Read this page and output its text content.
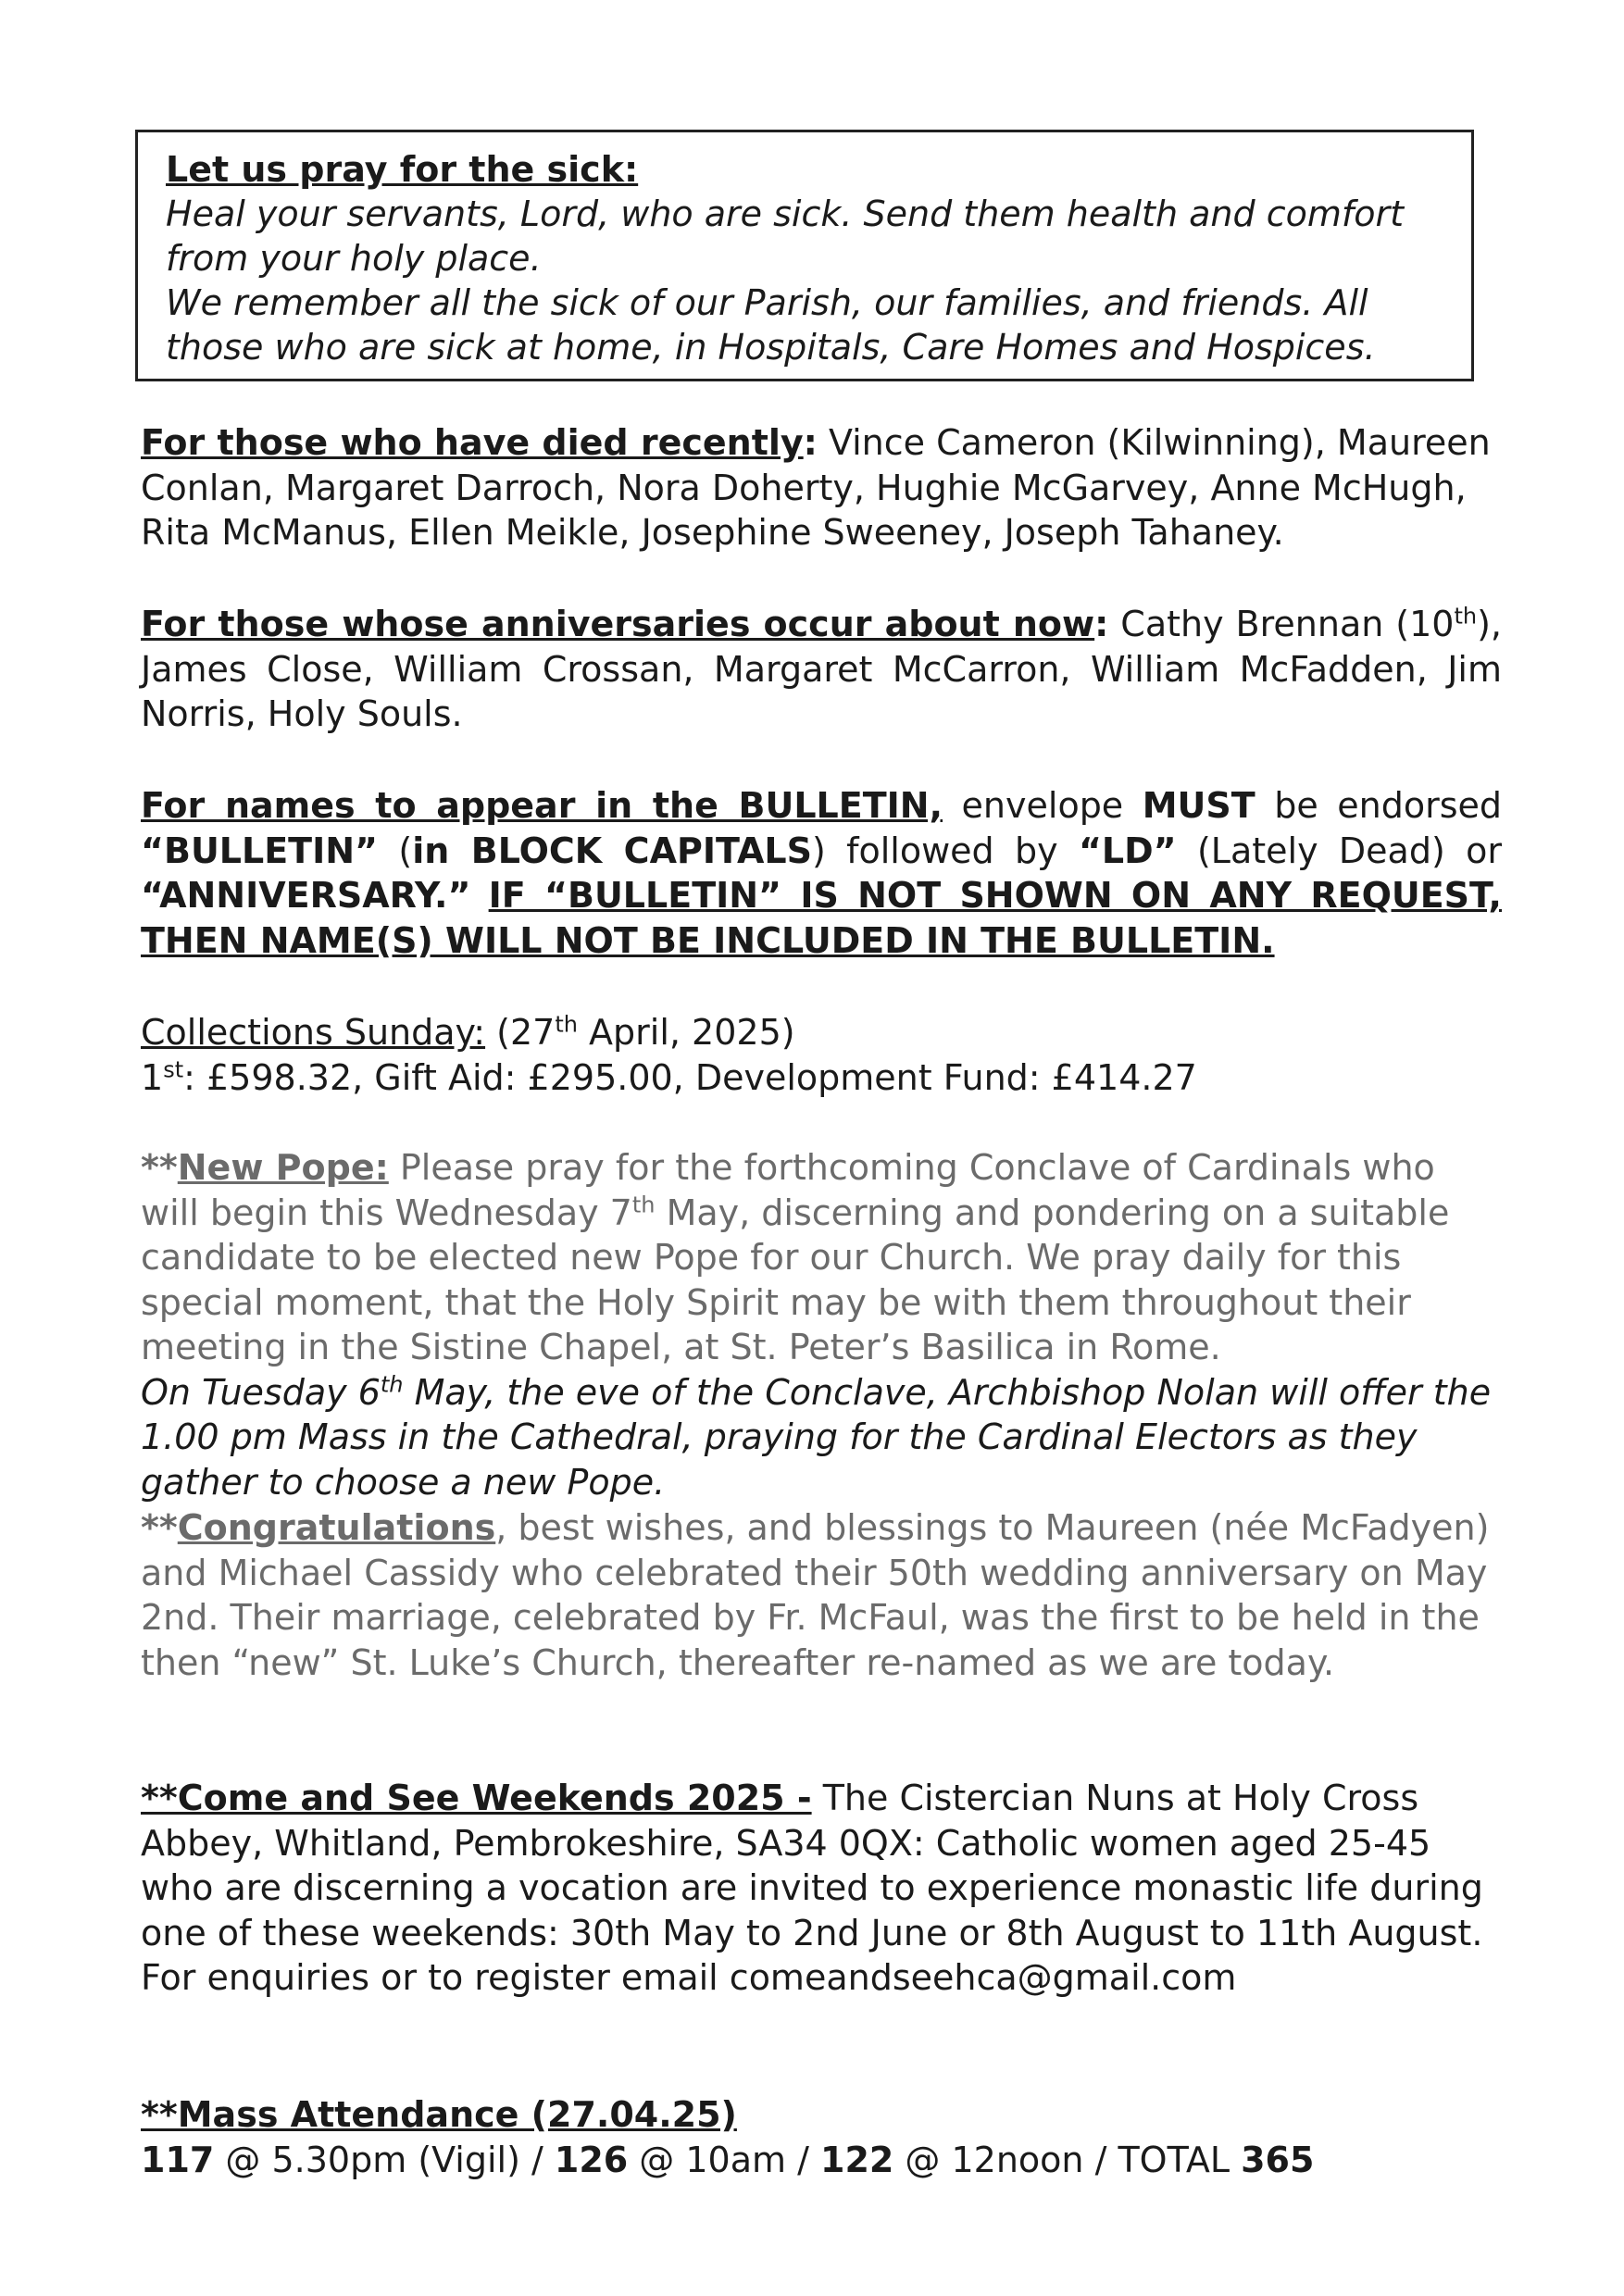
Let us pray for the sick:
Heal your servants, Lord, who are sick. Send them health and comfort from your holy place.
We remember all the sick of our Parish, our families, and friends. All those who are sick at home, in Hospitals, Care Homes and Hospices.
For those who have died recently: Vince Cameron (Kilwinning), Maureen Conlan, Margaret Darroch, Nora Doherty, Hughie McGarvey, Anne McHugh, Rita McManus, Ellen Meikle, Josephine Sweeney, Joseph Tahaney.
For those whose anniversaries occur about now: Cathy Brennan (10th), James Close, William Crossan, Margaret McCarron, William McFadden, Jim Norris, Holy Souls.
For names to appear in the BULLETIN, envelope MUST be endorsed “BULLETIN” (in BLOCK CAPITALS) followed by “LD” (Lately Dead) or “ANNIVERSARY.” IF “BULLETIN” IS NOT SHOWN ON ANY REQUEST, THEN NAME(S) WILL NOT BE INCLUDED IN THE BULLETIN.
Collections Sunday: (27th April, 2025)
1st: £598.32, Gift Aid: £295.00, Development Fund: £414.27
**New Pope: Please pray for the forthcoming Conclave of Cardinals who will begin this Wednesday 7th May, discerning and pondering on a suitable candidate to be elected new Pope for our Church. We pray daily for this special moment, that the Holy Spirit may be with them throughout their meeting in the Sistine Chapel, at St. Peter’s Basilica in Rome.
On Tuesday 6th May, the eve of the Conclave, Archbishop Nolan will offer the 1.00 pm Mass in the Cathedral, praying for the Cardinal Electors as they gather to choose a new Pope.
**Congratulations, best wishes, and blessings to Maureen (née McFadyen) and Michael Cassidy who celebrated their 50th wedding anniversary on May 2nd. Their marriage, celebrated by Fr. McFaul, was the first to be held in the then “new” St. Luke’s Church, thereafter re-named as we are today.
**Come and See Weekends 2025 - The Cistercian Nuns at Holy Cross Abbey, Whitland, Pembrokeshire, SA34 0QX: Catholic women aged 25-45 who are discerning a vocation are invited to experience monastic life during one of these weekends: 30th May to 2nd June or 8th August to 11th August. For enquiries or to register email comeandseehca@gmail.com
**Mass Attendance (27.04.25)
117 @ 5.30pm (Vigil) / 126 @ 10am / 122 @ 12noon / TOTAL 365
